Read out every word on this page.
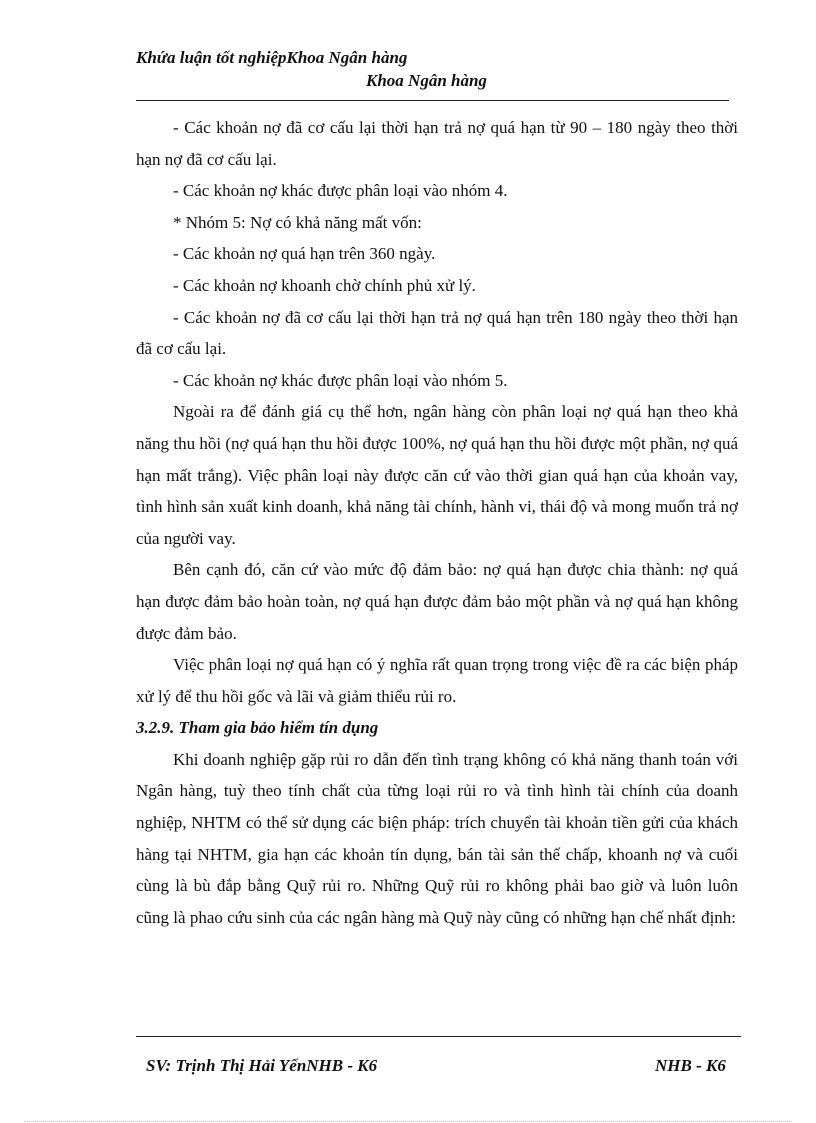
Khứa luận tốt nghiệpKhoa Ngân hàng
Khoa Ngân hàng

- Các khoản nợ đã cơ cấu lại thời hạn trả nợ quá hạn từ 90 – 180 ngày theo thời hạn nợ đã cơ cấu lại.

- Các khoản nợ khác được phân loại vào nhóm 4.

* Nhóm 5: Nợ có khả năng mất vốn:

- Các khoản nợ quá hạn trên 360 ngày.

- Các khoản nợ khoanh chờ chính phủ xử lý.

- Các khoản nợ đã cơ cấu lại thời hạn trả nợ quá hạn trên 180 ngày theo thời hạn đã cơ cấu lại.

- Các khoản nợ khác được phân loại vào nhóm 5.

Ngoài ra để đánh giá cụ thể hơn, ngân hàng còn phân loại nợ quá hạn theo khả năng thu hồi (nợ quá hạn thu hồi được 100%, nợ quá hạn thu hồi được một phần, nợ quá hạn mất trắng). Việc phân loại này được căn cứ vào thời gian quá hạn của khoản vay, tình hình sản xuất kinh doanh, khả năng tài chính, hành vi, thái độ và mong muốn trả nợ của người vay.

Bên cạnh đó, căn cứ vào mức độ đảm bảo: nợ quá hạn được chia thành: nợ quá hạn được đảm bảo hoàn toàn, nợ quá hạn được đảm bảo một phần và nợ quá hạn không được đảm bảo.

Việc phân loại nợ quá hạn có ý nghĩa rất quan trọng trong việc đề ra các biện pháp xử lý để thu hồi gốc và lãi và giảm thiểu rủi ro.

3.2.9. Tham gia bảo hiểm tín dụng

Khi doanh nghiệp gặp rủi ro dẫn đến tình trạng không có khả năng thanh toán với Ngân hàng, tuỳ theo tính chất của từng loại rủi ro và tình hình tài chính của doanh nghiệp, NHTM có thể sử dụng các biện pháp: trích chuyển tài khoản tiền gửi của khách hàng tại NHTM, gia hạn các khoản tín dụng, bán tài sản thế chấp, khoanh nợ và cuối cùng là bù đắp bằng Quỹ rủi ro. Những Quỹ rủi ro không phải bao giờ và luôn luôn cũng là phao cứu sinh của các ngân hàng mà Quỹ này cũng có những hạn chế nhất định:

SV: Trịnh Thị Hải YếnNHB - K6	NHB - K6
